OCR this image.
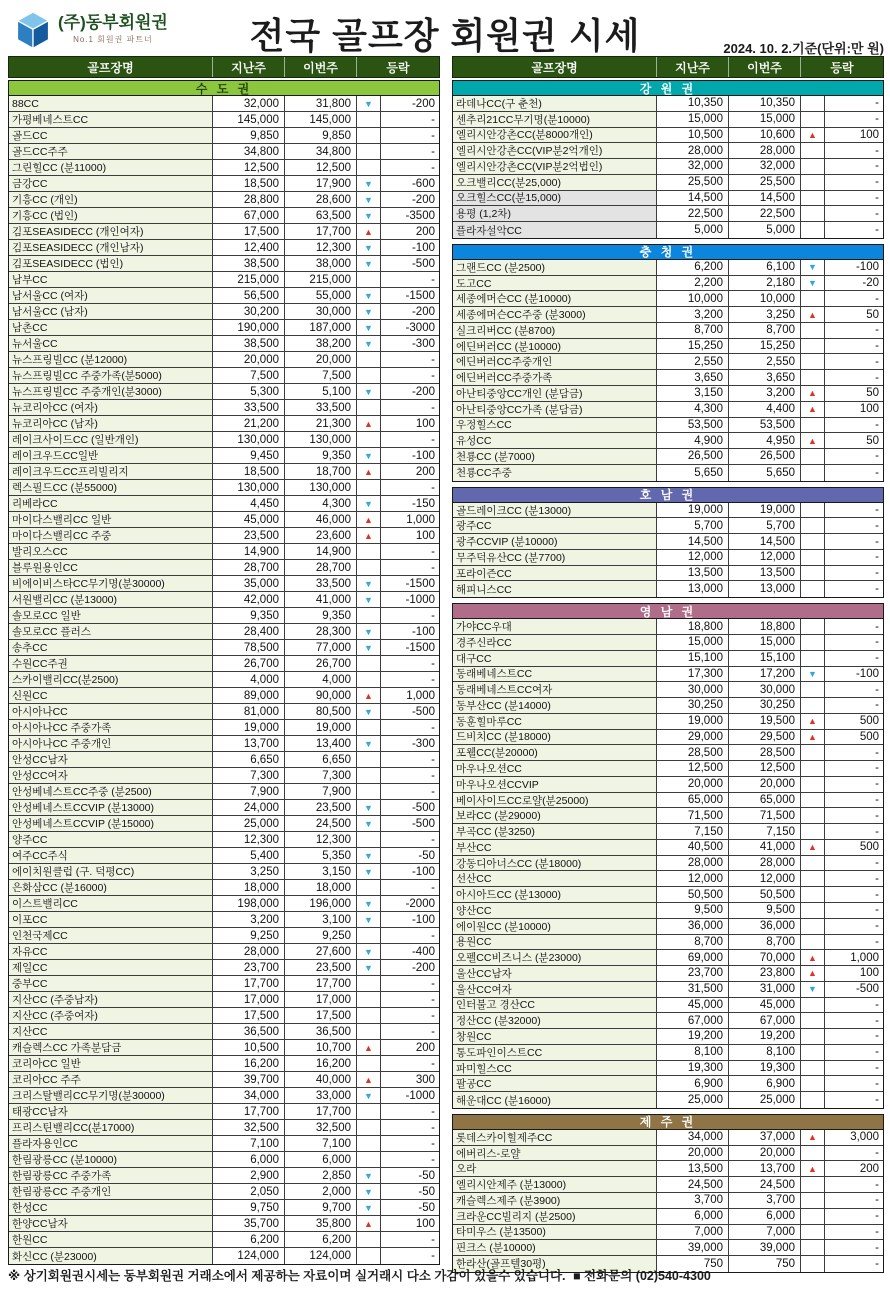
(주)동부회원권
No.1 회원권 파트너	전국 골프장 회원권 시세	2024. 10. 2.기준(단위:만 원)
골프장명	지난주	이번주	등락
수 도 권
88CC	32,000	31,800	▼	-200
가평베네스트CC	145,000	145,000	-
골드CC	9,850	9,850	-
골드CC주주	34,800	34,800	-
그린힐CC (분11000)	12,500	12,500	-
금강CC	18,500	17,900	▼	-600
기흥CC (개인)	28,800	28,600	▼	-200
기흥CC (법인)	67,000	63,500	▼	-3500
김포SEASIDECC (개인여자)	17,500	17,700	▲	200
김포SEASIDECC (개인남자)	12,400	12,300	▼	-100
김포SEASIDECC (법인)	38,500	38,000	▼	-500
남부CC	215,000	215,000	-
남서울CC (여자)	56,500	55,000	▼	-1500
남서울CC (남자)	30,200	30,000	▼	-200
남촌CC	190,000	187,000	▼	-3000
뉴서울CC	38,500	38,200	▼	-300
뉴스프링빌CC (분12000)	20,000	20,000	-
뉴스프링빌CC 주중가족(분5000)	7,500	7,500	-
뉴스프링빌CC 주중개인(분3000)	5,300	5,100	▼	-200
뉴코리아CC (여자)	33,500	33,500	-
뉴코리아CC (남자)	21,200	21,300	▲	100
레이크사이드CC (일반개인)	130,000	130,000	-
레이크우드CC일반	9,450	9,350	▼	-100
레이크우드CC프리빌리지	18,500	18,700	▲	200
렉스필드CC (분55000)	130,000	130,000	-
리베라CC	4,450	4,300	▼	-150
마이다스밸리CC 일반	45,000	46,000	▲	1,000
마이다스밸리CC 주중	23,500	23,600	▲	100
발리오스CC	14,900	14,900	-
블루원용인CC	28,700	28,700	-
비에이비스타CC무기명(분30000)	35,000	33,500	▼	-1500
서원밸리CC (분13000)	42,000	41,000	▼	-1000
솔모로CC 일반	9,350	9,350	-
솔모로CC 플러스	28,400	28,300	▼	-100
송추CC	78,500	77,000	▼	-1500
수원CC주권	26,700	26,700	-
스카이밸리CC(분2500)	4,000	4,000	-
신원CC	89,000	90,000	▲	1,000
아시아나CC	81,000	80,500	▼	-500
아시아나CC 주중가족	19,000	19,000	-
아시아나CC 주중개인	13,700	13,400	▼	-300
안성CC남자	6,650	6,650	-
안성CC여자	7,300	7,300	-
안성베네스트CC주중 (분2500)	7,900	7,900	-
안성베네스트CCVIP (분13000)	24,000	23,500	▼	-500
안성베네스트CCVIP (분15000)	25,000	24,500	▼	-500
양주CC	12,300	12,300	-
여주CC주식	5,400	5,350	▼	-50
에이치원클럽 (구. 덕평CC)	3,250	3,150	▼	-100
은화삼CC (분16000)	18,000	18,000	-
이스트밸리CC	198,000	196,000	▼	-2000
이포CC	3,200	3,100	▼	-100
인천국제CC	9,250	9,250	-
자유CC	28,000	27,600	▼	-400
제일CC	23,700	23,500	▼	-200
중부CC	17,700	17,700	-
지산CC (주중남자)	17,000	17,000	-
지산CC (주중여자)	17,500	17,500	-
지산CC	36,500	36,500	-
캐슬렉스CC 가족분담금	10,500	10,700	▲	200
코리아CC 일반	16,200	16,200	-
코리아CC 주주	39,700	40,000	▲	300
크리스탈밸리CC무기명(분30000)	34,000	33,000	▼	-1000
태광CC남자	17,700	17,700	-
프리스틴밸리CC(분17000)	32,500	32,500	-
플라자용인CC	7,100	7,100	-
한림광릉CC (분10000)	6,000	6,000	-
한림광릉CC 주중가족	2,900	2,850	▼	-50
한림광릉CC 주중개인	2,050	2,000	▼	-50
한성CC	9,750	9,700	▼	-50
한양CC남자	35,700	35,800	▲	100
한원CC	6,200	6,200	-
화신CC (분23000)	124,000	124,000	-
골프장명	지난주	이번주	등락
강 원 권
라데나CC(구 춘천)	10,350	10,350	-
센추리21CC무기명(분10000)	15,000	15,000	-
엘리시안강촌CC(분8000개인)	10,500	10,600	▲	100
엘리시안강촌CC(VIP분2억개인)	28,000	28,000	-
엘리시안강촌CC(VIP분2억법인)	32,000	32,000	-
오크밸리CC(분25,000)	25,500	25,500	-
오크힐스CC(분15,000)	14,500	14,500	-
용평 (1,2차)	22,500	22,500	-
플라자설악CC	5,000	5,000	-
충 청 권
그랜드CC (분2500)	6,200	6,100	▼	-100
도고CC	2,200	2,180	▼	-20
세종에머슨CC (분10000)	10,000	10,000	-
세종에머슨CC주중 (분3000)	3,200	3,250	▲	50
실크리버CC (분8700)	8,700	8,700	-
에딘버러CC (분10000)	15,250	15,250	-
에딘버러CC주중개인	2,550	2,550	-
에딘버러CC주중가족	3,650	3,650	-
아난티중앙CC개인 (분담금)	3,150	3,200	▲	50
아난티중앙CC가족 (분담금)	4,300	4,400	▲	100
우정힐스CC	53,500	53,500	-
유성CC	4,900	4,950	▲	50
천룡CC (분7000)	26,500	26,500	-
천룡CC주중	5,650	5,650	-
호 남 권
골드레이크CC (분13000)	19,000	19,000	-
광주CC	5,700	5,700	-
광주CCVIP (분10000)	14,500	14,500	-
무주덕유산CC (분7700)	12,000	12,000	-
포라이즌CC	13,500	13,500	-
해피니스CC	13,000	13,000	-
영 남 권
가야CC우대	18,800	18,800	-
경주신라CC	15,000	15,000	-
대구CC	15,100	15,100	-
동래베네스트CC	17,300	17,200	▼	-100
동래베네스트CC여자	30,000	30,000	-
동부산CC (분14000)	30,250	30,250	-
동훈힐마루CC	19,000	19,500	▲	500
드비치CC (분18000)	29,000	29,500	▲	500
포웰CC(분20000)	28,500	28,500	-
마우나오션CC	12,500	12,500	-
마우나오션CCVIP	20,000	20,000	-
베이사이드CC로얄(분25000)	65,000	65,000	-
보라CC (분29000)	71,500	71,500	-
부곡CC (분3250)	7,150	7,150	-
부산CC	40,500	41,000	▲	500
강동디아너스CC (분18000)	28,000	28,000	-
선산CC	12,000	12,000	-
아시아드CC (분13000)	50,500	50,500	-
양산CC	9,500	9,500	-
에이원CC (분10000)	36,000	36,000	-
용원CC	8,700	8,700	-
오펠CC비즈니스 (분23000)	69,000	70,000	▲	1,000
울산CC남자	23,700	23,800	▲	100
울산CC여자	31,500	31,000	▼	-500
인터불고 경산CC	45,000	45,000	-
정산CC (분32000)	67,000	67,000	-
창원CC	19,200	19,200	-
통도파인이스트CC	8,100	8,100	-
파미힐스CC	19,300	19,300	-
팔공CC	6,900	6,900	-
해운대CC (분16000)	25,000	25,000	-
제 주 권
롯데스카이힐제주CC	34,000	37,000	▲	3,000
에버리스-로얄	20,000	20,000	-
오라	13,500	13,700	▲	200
엘리시안제주 (분13000)	24,500	24,500	-
캐슬렉스제주 (분3900)	3,700	3,700	-
크라운CC빌리지 (분2500)	6,000	6,000	-
타미우스 (분13500)	7,000	7,000	-
핀크스 (분10000)	39,000	39,000	-
한라산(골프텔30평)	750	750	-
※ 상기회원권시세는 동부회원권 거래소에서 제공하는 자료이며 실거래시 다소 가감이 있을수 있습니다. ■ 전화문의 (02)540-4300
